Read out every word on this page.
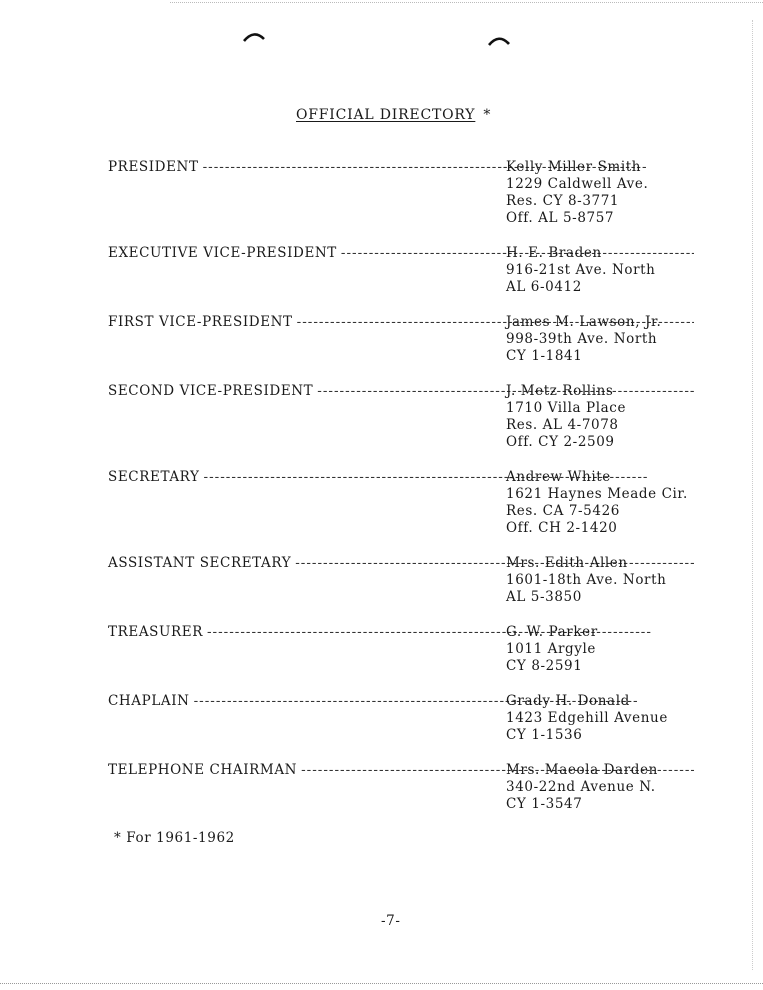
OFFICIAL DIRECTORY *
PRESIDENT -----	Kelly Miller Smith
1229 Caldwell Ave.
Res. CY 8-3771
Off. AL 5-8757
EXECUTIVE VICE-PRESIDENT -----	H. E. Braden
916-21st Ave. North
AL 6-0412
FIRST VICE-PRESIDENT -----	James M. Lawson, Jr.
998-39th Ave. North
CY 1-1841
SECOND VICE-PRESIDENT -----	J. Metz Rollins
1710 Villa Place
Res. AL 4-7078
Off. CY 2-2509
SECRETARY -----	Andrew White
1621 Haynes Meade Cir.
Res. CA 7-5426
Off. CH 2-1420
ASSISTANT SECRETARY -----	Mrs. Edith Allen
1601-18th Ave. North
AL 5-3850
TREASURER -----	G. W. Parker
1011 Argyle
CY 8-2591
CHAPLAIN -----	Grady H. Donald
1423 Edgehill Avenue
CY 1-1536
TELEPHONE CHAIRMAN -----	Mrs. Maeola Darden
340-22nd Avenue N.
CY 1-3547
* For 1961-1962
-7-
